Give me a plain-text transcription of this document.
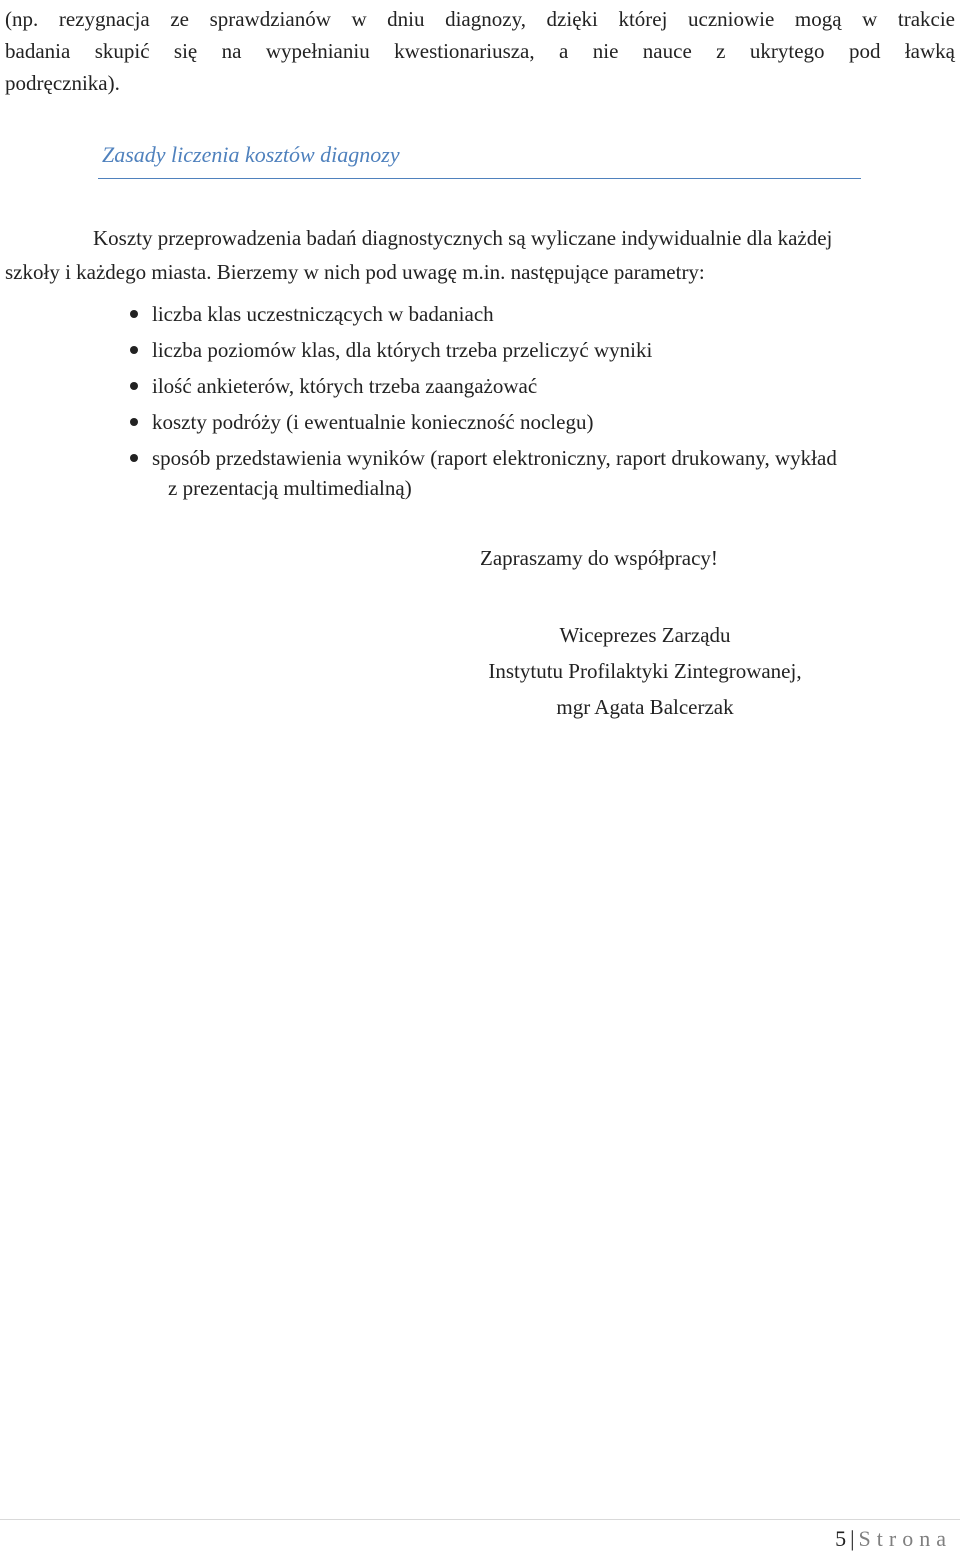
(np. rezygnacja ze sprawdzianów w dniu diagnozy, dzięki której uczniowie mogą w trakcie
badania skupić się na wypełnianiu kwestionariusza, a nie nauce z ukrytego pod ławką
podręcznika).
Zasady liczenia kosztów diagnozy
Koszty przeprowadzenia badań diagnostycznych są wyliczane indywidualnie dla każdej
szkoły i każdego miasta. Bierzemy w nich pod uwagę m.in. następujące parametry:
liczba klas uczestniczących w badaniach
liczba poziomów klas, dla których trzeba przeliczyć wyniki
ilość ankieterów, których trzeba zaangażować
koszty podróży (i ewentualnie konieczność noclegu)
sposób przedstawienia wyników (raport elektroniczny, raport drukowany, wykład
z prezentacją multimedialną)
Zapraszamy do współpracy!
Wiceprezes Zarządu
Instytutu Profilaktyki Zintegrowanej,
mgr Agata Balcerzak
5 | Strona
